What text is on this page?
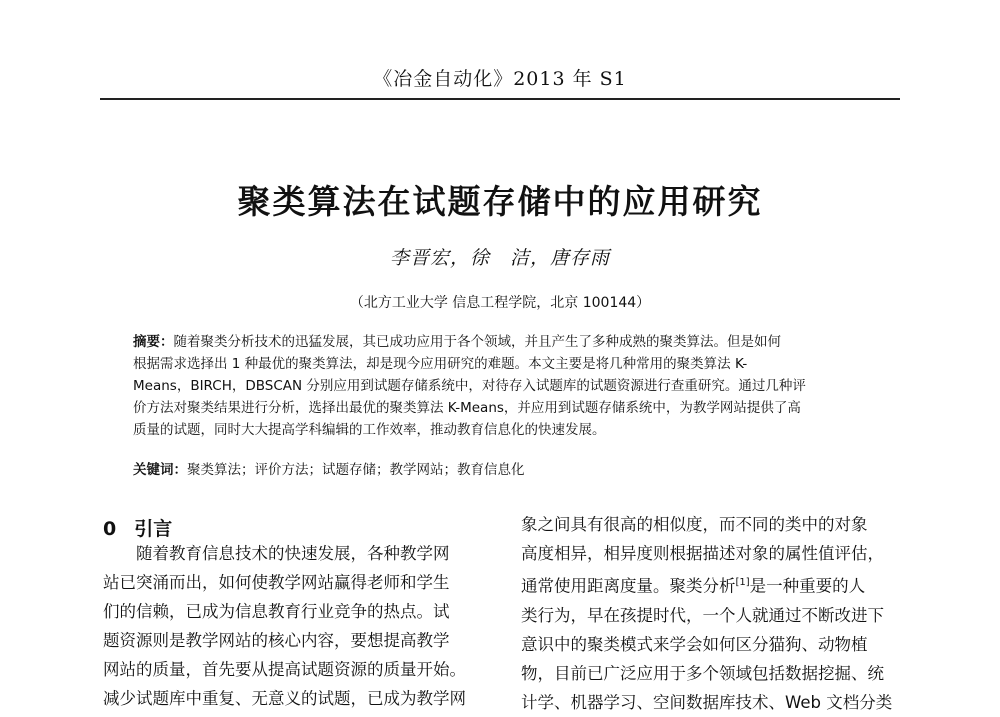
《冶金自动化》2013 年 S1
聚类算法在试题存储中的应用研究
李晋宏，徐　洁，唐存雨
（北方工业大学 信息工程学院，北京 100144）
摘要：随着聚类分析技术的迅猛发展，其已成功应用于各个领域，并且产生了多种成熟的聚类算法。但是如何
根据需求选择出 1 种最优的聚类算法，却是现今应用研究的难题。本文主要是将几种常用的聚类算法 K-
Means，BIRCH，DBSCAN 分别应用到试题存储系统中，对待存入试题库的试题资源进行查重研究。通过几种评
价方法对聚类结果进行分析，选择出最优的聚类算法 K-Means，并应用到试题存储系统中，为教学网站提供了高
质量的试题，同时大大提高学科编辑的工作效率，推动教育信息化的快速发展。
关键词：聚类算法；评价方法；试题存储；教学网站；教育信息化
0 引言
随着教育信息技术的快速发展，各种教学网
站已突涌而出，如何使教学网站赢得老师和学生
们的信赖，已成为信息教育行业竞争的热点。试
题资源则是教学网站的核心内容，要想提高教学
网站的质量，首先要从提高试题资源的质量开始。
减少试题库中重复、无意义的试题，已成为教学网
象之间具有很高的相似度，而不同的类中的对象
高度相异，相异度则根据描述对象的属性值评估，
通常使用距离度量。聚类分析[1]是一种重要的人
类行为，早在孩提时代，一个人就通过不断改进下
意识中的聚类模式来学会如何区分猫狗、动物植
物，目前已广泛应用于多个领域包括数据挖掘、统
计学、机器学习、空间数据库技术、Web 文档分类
